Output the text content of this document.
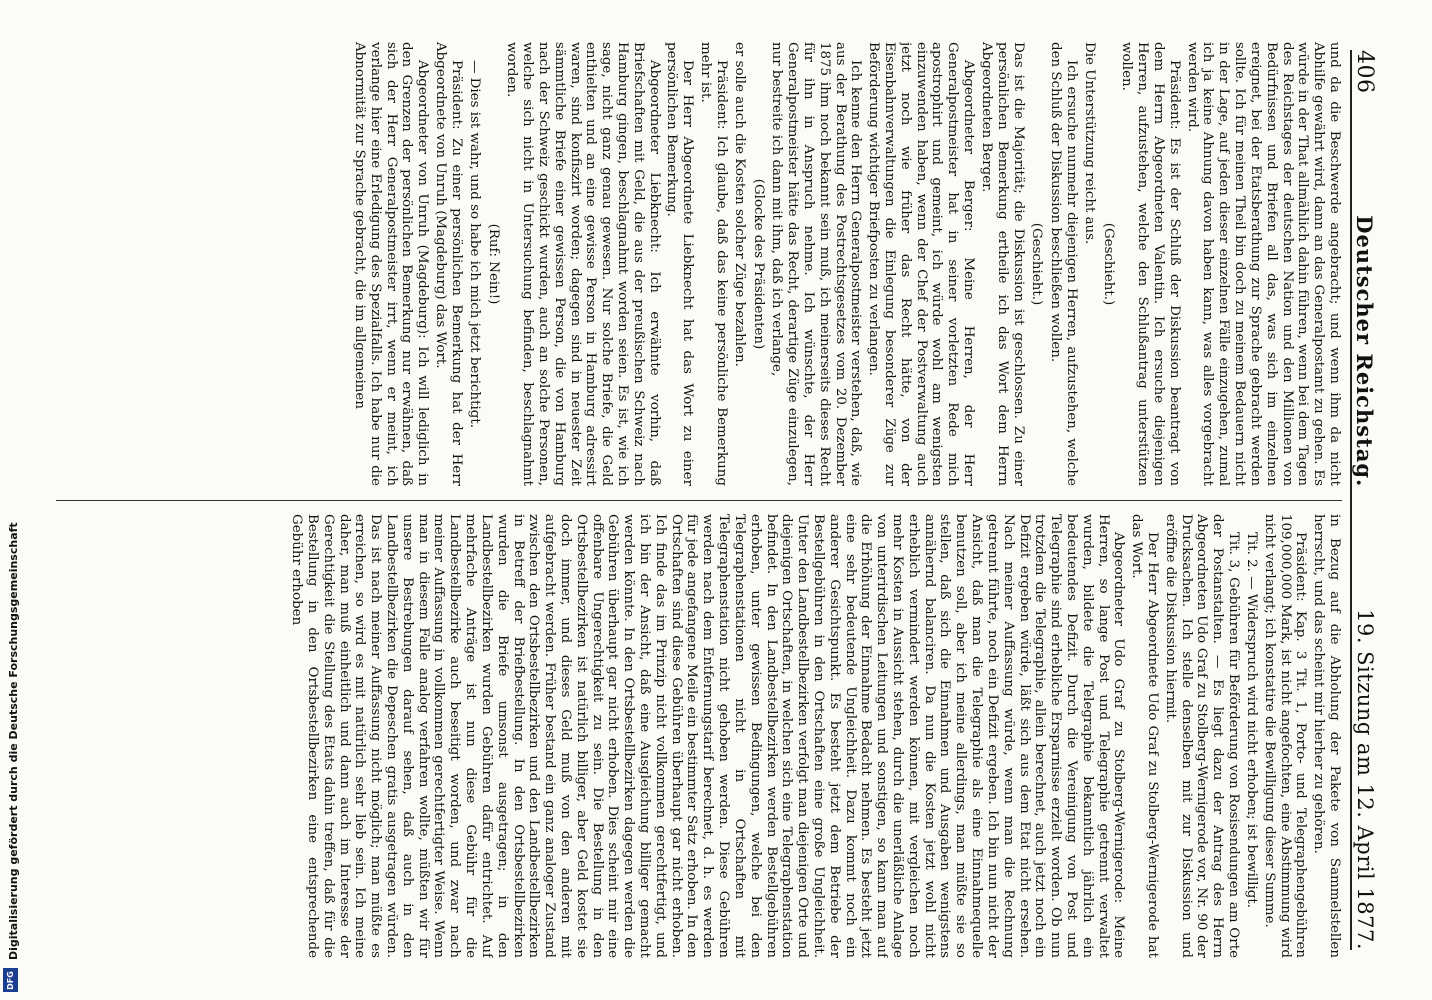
406
Deutscher Reichstag.
19. Sitzung am 12. April 1877.

und da die Beschwerde angebracht; und wenn ihm da nicht Abhilfe gewährt wird, dann an das Generalpostamt zu gehen. Es würde in der That allmählich dahin führen, wenn bei dem Tagen des Reichstages der deutschen Nation und den Millionen von Bedürfnissen und Briefen all das, was sich im einzelnen ereignet, bei der Etatsberathung zur Sprache gebracht werden sollte. Ich für meinen Theil bin doch zu meinem Bedauern nicht in der Lage, auf jeden dieser einzelnen Fälle einzugehen, zumal ich ja keine Ahnung davon haben kann, was alles vorgebracht werden wird.

Präsident: Es ist der Schluß der Diskussion beantragt von dem Herrn Abgeordneten Valentin. Ich ersuche diejenigen Herren, aufzustehen, welche den Schlußantrag unterstützen wollen.

(Geschieht.)

Die Unterstützung reicht aus.

Ich ersuche nunmehr diejenigen Herren, aufzustehen, welche den Schluß der Diskussion beschließen wollen.

(Geschieht.)

Das ist die Majorität; die Diskussion ist geschlossen. Zu einer persönlichen Bemerkung ertheile ich das Wort dem Herrn Abgeordneten Berger.

Abgeordneter Berger: Meine Herren, der Herr Generalpostmeister hat in seiner vorletzten Rede mich apostrophirt und gemeint, ich würde wohl am wenigsten einzuwenden haben, wenn der Chef der Postverwaltung auch jetzt noch wie früher das Recht hätte, von der Eisenbahnverwaltungen die Einlegung besonderer Züge zur Beförderung wichtiger Briefposten zu verlangen.

Ich kenne den Herrn Generalpostmeister verstehen, daß, wie aus der Berathung des Postrechtsgesetzes vom 20. Dezember 1875 ihm noch bekannt sein muß, ich meinerseits dieses Recht für ihn in Anspruch nehme. Ich wünschte, der Herr Generalpostmeister hätte das Recht, derartige Züge einzulegen, nur bestreite ich dann mit ihm, daß ich verlange,

(Glocke des Präsidenten)

er solle auch die Kosten solcher Züge bezahlen.

Präsident: Ich glaube, daß das keine persönliche Bemerkung mehr ist.

Der Herr Abgeordnete Liebknecht hat das Wort zu einer persönlichen Bemerkung.

Abgeordneter Liebknecht: Ich erwähnte vorhin, daß Briefschaften mit Geld, die aus der preußischen Schweiz nach Hamburg gingen, beschlagnahmt worden seien. Es ist, wie ich sage, nicht ganz genau gewesen. Nur solche Briefe, die Geld enthielten und an eine gewisse Person in Hamburg adressirt waren, sind konfiszirt worden; dagegen sind in neuester Zeit sämmtliche Briefe einer gewissen Person, die von Hamburg nach der Schweiz geschickt wurden, auch an solche Personen, welche sich nicht in Untersuchung befinden, beschlagnahmt worden.

(Ruf: Nein!)

— Dies ist wahr, und so habe ich mich jetzt berichtigt.

Präsident: Zu einer persönlichen Bemerkung hat der Herr Abgeordnete von Unruh (Magdeburg) das Wort.

Abgeordneter von Unruh (Magdeburg): Ich will lediglich in den Grenzen der persönlichen Bemerkung nur erwähnen, daß sich der Herr Generalpostmeister irrt, wenn er meint, ich verlange hier eine Erledigung des Spezialfalls. Ich habe nur die Abnormität zur Sprache gebracht, die im allgemeinen

in Bezug auf die Abholung der Pakete von Sammelstellen herrscht, und das scheint mir hierher zu gehören.

Präsident: Kap. 3 Tit. 1, Porto- und Telegraphengebühren 109,000,000 Mark, ist nicht angefochten, eine Abstimmung wird nicht verlangt; ich konstatire die Bewilligung dieser Summe.

Tit. 2. — Widerspruch wird nicht erhoben; ist bewilligt.

Tit. 3, Gebühren für Beförderung von Rosisendungen am Orte der Postanstalten. — Es liegt dazu der Antrag des Herrn Abgeordneten Udo Graf zu Stolberg-Wernigerode vor, Nr. 90 der Drucksachen. Ich stelle denselben mit zur Diskussion und eröffne die Diskussion hiermit.

Der Herr Abgeordnete Udo Graf zu Stolberg-Wernigerode hat das Wort.

Abgeordneter Udo Graf zu Stolberg-Wernigerode: Meine Herren, so lange Post und Telegraphie getrennt verwaltet wurden, bildete die Telegraphie bekanntlich jährlich ein bedeutendes Defizit. Durch die Vereinigung von Post und Telegraphie sind erhebliche Ersparnisse erzielt worden. Ob nun trotzdem die Telegraphie, allein berechnet, auch jetzt noch ein Defizit ergeben würde, läßt sich aus dem Etat nicht ersehen. Nach meiner Auffassung würde, wenn man die Rechnung getrennt führte, noch ein Defizit ergeben. Ich bin nun nicht der Ansicht, daß man die Telegraphie als eine Einnahmequelle benutzen soll, aber ich meine allerdings, man müßte sie so stellen, daß sich die Einnahmen und Ausgaben wenigstens annähernd balanciren. Da nun die Kosten jetzt wohl nicht erheblich vermindert werden können, mit vergleichen noch mehr Kosten in Aussicht stehen, durch die unerläßliche Anlage von unterirdischen Leitungen und sonstigen, so kann man auf die Erhöhung der Einnahme Bedacht nehmen. Es besteht jetzt eine sehr bedeutende Ungleichheit. Dazu kommt noch ein anderer Gesichtspunkt. Es besteht jetzt dem Betriebe der Bestellgebühren in den Ortschaften eine große Ungleichheit. Unter den Landbestellbezirken verfolgt man diejenigen Orte und diejenigen Ortschaften, in welchen sich eine Telegraphenstation befindet. In den Landbestellbezirken werden Bestellgebühren erhoben, unter gewissen Bedingungen, welche bei den Telegraphenstationen nicht in Ortschaften mit Telegraphenstation nicht gehoben werden. Diese Gebühren werden nach dem Entfernungstarif berechnet, d. h. es werden für jede angefangene Meile ein bestimmter Satz erhoben. In den Ortschaften sind diese Gebühren überhaupt gar nicht erhoben. Ich finde das im Prinzip nicht vollkommen gerechtfertigt, und ich bin der Ansicht, daß eine Ausgleichung billiger gemacht werden könnte. In den Ortsbestellbezirken dagegen werden die Gebühren überhaupt gar nicht erhoben. Dies scheint mir eine offenbare Ungerechtigkeit zu sein. Die Bestellung in den Ortsbestellbezirken ist natürlich billiger, aber Geld kostet sie doch immer, und dieses Geld muß von den anderen mit aufgebracht werden. Früher bestand ein ganz analoger Zustand zwischen den Ortsbestellbezirken und den Landbestellbezirken in Betreff der Briefbestellung. In den Ortsbestellbezirken wurden die Briefe umsonst ausgetragen; in den Landbestellbezirken wurden Gebühren dafür entrichtet. Auf mehrfache Anträge ist nun diese Gebühr für die Landbestellbezirke auch beseitigt worden, und zwar nach meiner Auffassung in vollkommen gerechtfertigter Weise. Wenn man in diesem Falle analog verfahren wollte, müßten wir für unsere Bestrebungen darauf sehen, daß auch in den Landbestellbezirken die Depeschen gratis ausgetragen würden. Das ist nach meiner Auffassung nicht möglich; man müßte es erreichen, so wird es mit natürlich sehr lieb sein. Ich meine daher, man muß einheitlich und dann auch im Interesse der Gerechtigkeit die Stellung des Etats dahin treffen, daß für die Bestellung in den Ortsbestellbezirken eine entsprechende Gebühr erhoben

Digitalisierung gefördert durch die Deutsche Forschungsgemeinschaft
DFG
